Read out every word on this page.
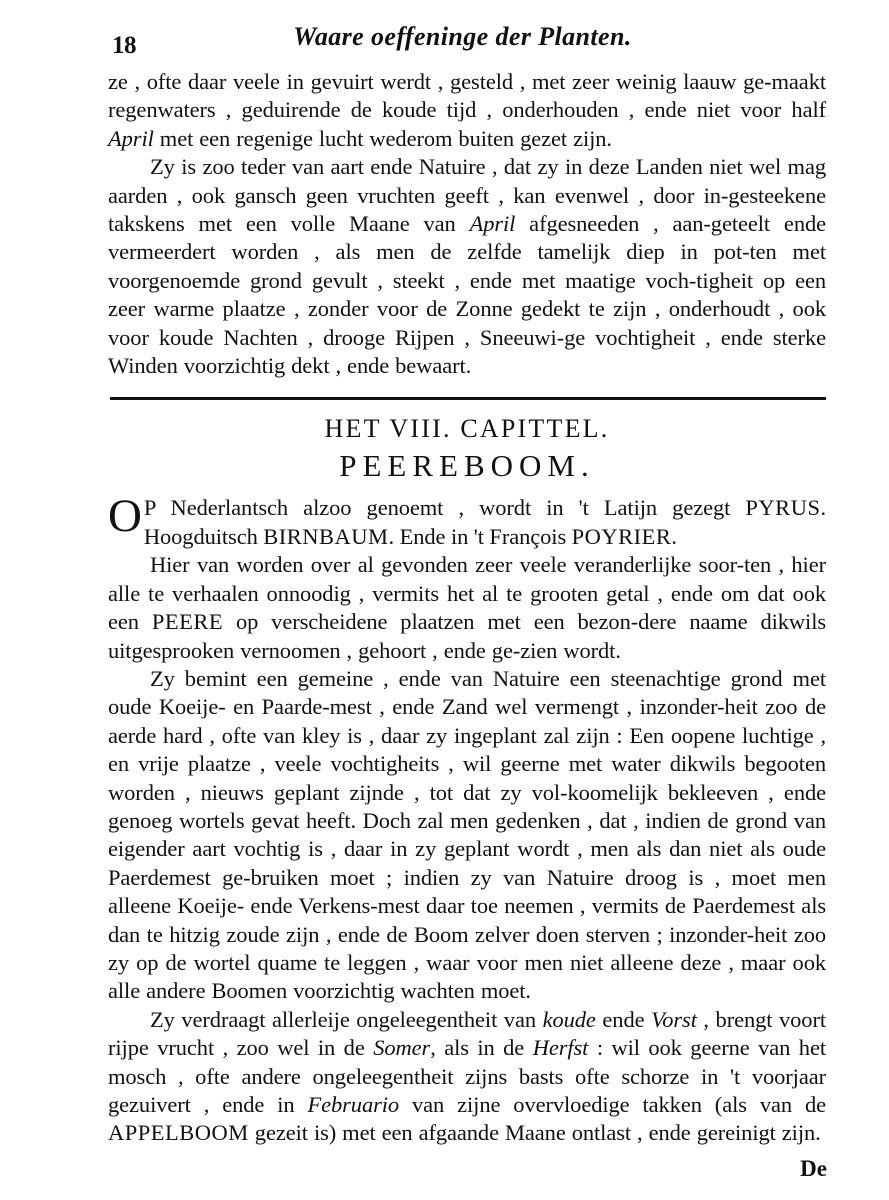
18	Waare oeffeninge der Planten.

ze , ofte daar veele in gevuirt werdt , gesteld , met zeer weinig laauw ge-maakt regenwaters , geduirende de koude tijd , onderhouden , ende niet voor half April met een regenige lucht wederom buiten gezet zijn.

Zy is zoo teder van aart ende Natuire , dat zy in deze Landen niet wel mag aarden , ook gansch geen vruchten geeft , kan evenwel , door in-gesteekene takskens met een volle Maane van April afgesneeden , aan-geteelt ende vermeerdert worden , als men de zelfde tamelijk diep in pot-ten met voorgenoemde grond gevult , steekt , ende met maatige voch-tigheit op een zeer warme plaatze , zonder voor de Zonne gedekt te zijn , onderhoudt , ook voor koude Nachten , drooge Rijpen , Sneeuwi-ge vochtigheit , ende sterke Winden voorzichtig dekt , ende bewaart.

HET VIII. CAPITTEL.
PEEREBOOM.
O P Nederlantsch alzoo genoemt , wordt in 't Latijn gezegt PYRUS. Hoogduitsch BIRNBAUM. Ende in 't François POYRIER.

Hier van worden over al gevonden zeer veele veranderlijke soor-ten , hier alle te verhaalen onnoodig , vermits het al te grooten getal , ende om dat ook een PEERE op verscheidene plaatzen met een bezon-dere naame dikwils uitgesprooken vernoomen , gehoort , ende ge-zien wordt.

Zy bemint een gemeine , ende van Natuire een steenachtige grond met oude Koeije- en Paarde-mest , ende Zand wel vermengt , inzonder-heit zoo de aerde hard , ofte van kley is , daar zy ingeplant zal zijn : Een oopene luchtige , en vrije plaatze , veele vochtigheits , wil geerne met water dikwils begooten worden , nieuws geplant zijnde , tot dat zy vol-koomelijk bekleeven , ende genoeg wortels gevat heeft. Doch zal men gedenken , dat , indien de grond van eigender aart vochtig is , daar in zy geplant wordt , men als dan niet als oude Paerdemest ge-bruiken moet ; indien zy van Natuire droog is , moet men alleene Koeije- ende Verkens-mest daar toe neemen , vermits de Paerdemest als dan te hitzig zoude zijn , ende de Boom zelver doen sterven ; inzonder-heit zoo zy op de wortel quame te leggen , waar voor men niet alleene deze , maar ook alle andere Boomen voorzichtig wachten moet.

Zy verdraagt allerleije ongeleegentheit van koude ende Vorst , brengt voort rijpe vrucht , zoo wel in de Somer, als in de Herfst : wil ook geerne van het mosch , ofte andere ongeleegentheit zijns basts ofte schorze in 't voorjaar gezuivert , ende in Februario van zijne overvloedige takken (als van de APPELBOOM gezeit is) met een afgaande Maane ontlast , ende gereinigt zijn.

De
